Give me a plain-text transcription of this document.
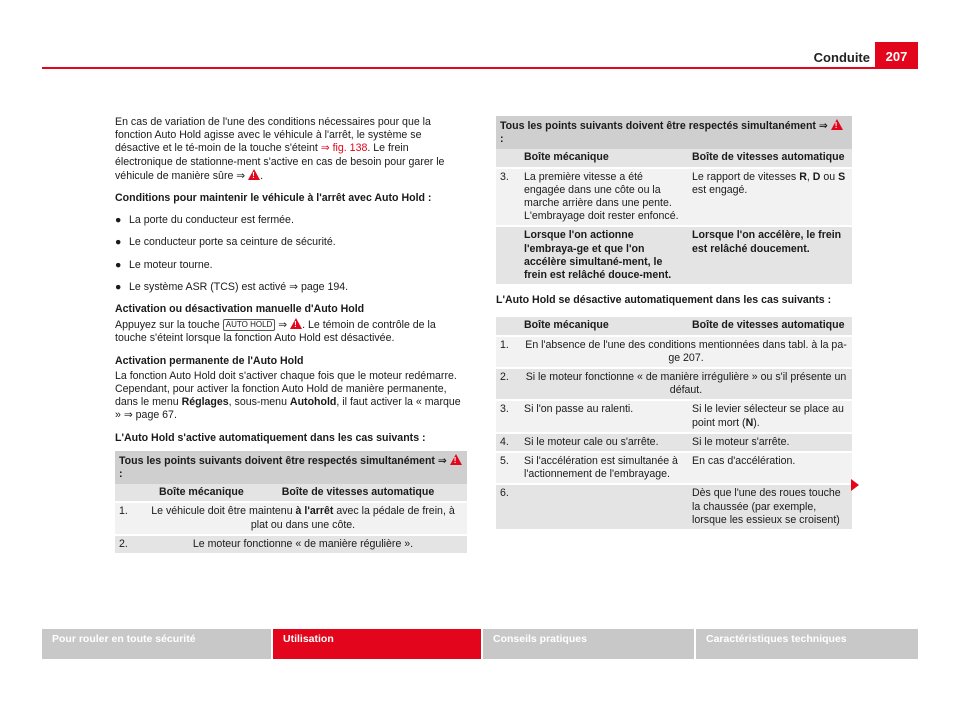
Conduite	207

En cas de variation de l'une des conditions nécessaires pour que la fonction Auto Hold agisse avec le véhicule à l'arrêt, le système se désactive et le té-moin de la touche s'éteint ⇒ fig. 138. Le frein électronique de stationne-ment s'active en cas de besoin pour garer le véhicule de manière sûre ⇒ !.

Conditions pour maintenir le véhicule à l'arrêt avec Auto Hold :

● La porte du conducteur est fermée.
● Le conducteur porte sa ceinture de sécurité.
● Le moteur tourne.
● Le système ASR (TCS) est activé ⇒ page 194.

Activation ou désactivation manuelle d'Auto Hold

Appuyez sur la touche AUTO HOLD ⇒ !. Le témoin de contrôle de la touche s'éteint lorsque la fonction Auto Hold est désactivée.

Activation permanente de l'Auto Hold

La fonction Auto Hold doit s'activer chaque fois que le moteur redémarre. Cependant, pour activer la fonction Auto Hold de manière permanente, dans le menu Réglages, sous-menu Autohold, il faut activer la « marque » ⇒ page 67.

L'Auto Hold s'active automatiquement dans les cas suivants :

Tous les points suivants doivent être respectés simultanément ⇒ ! :
	Boîte mécanique	Boîte de vitesses automatique
1.	Le véhicule doit être maintenu à l'arrêt avec la pédale de frein, à plat ou dans une côte.	
2.	Le moteur fonctionne « de manière régulière ».	
Tous les points suivants doivent être respectés simultanément ⇒ ! :
	Boîte mécanique	Boîte de vitesses automatique
3.	La première vitesse a été engagée dans une côte ou la marche arrière dans une pente. L'embrayage doit rester enfoncé.	Le rapport de vitesses R, D ou S est engagé.
	Lorsque l'on actionne l'embraya-ge et que l'on accélère simultané-ment, le frein est relâché douce-ment.	Lorsque l'on accélère, le frein est relâché doucement.

L'Auto Hold se désactive automatiquement dans les cas suivants :

	Boîte mécanique	Boîte de vitesses automatique
1.	En l'absence de l'une des conditions mentionnées dans tabl. à la pa-ge 207.	
2.	Si le moteur fonctionne « de manière irrégulière » ou s'il présente un défaut.	
3.	Si l'on passe au ralenti.	Si le levier sélecteur se place au point mort (N).
4.	Si le moteur cale ou s'arrête.	Si le moteur s'arrête.
5.	Si l'accélération est simultanée à l'actionnement de l'embrayage.	En cas d'accélération.
6.		Dès que l'une des roues touche la chaussée (par exemple, lorsque les essieux se croisent)
Pour rouler en toute sécurité	Utilisation	Conseils pratiques	Caractéristiques techniques
